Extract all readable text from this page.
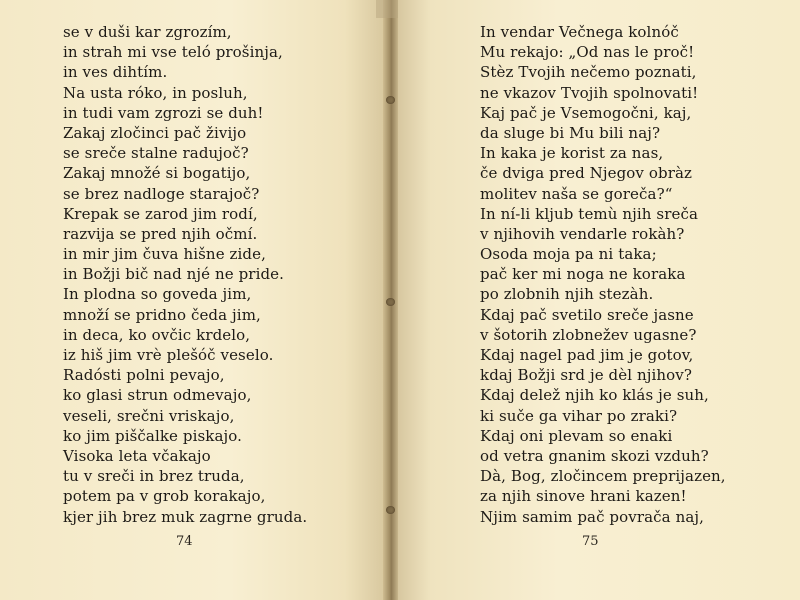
se v duši kar zgrozím,
in strah mi vse teló prošinja,
in ves dihtím.
Na usta róko, in posluh,
in tudi vam zgrozi se duh!
Zakaj zločinci pač živijo
se sreče stalne radujoč?
Zakaj množé si bogatijo,
se brez nadloge starajoč?
Krepak se zarod jim rodí,
razvija se pred njih očmí.
in mir jim čuva hišne zide,
in Božji bič nad njé ne pride.
In plodna so goveda jim,
množí se pridno čeda jim,
in deca, ko ovčic krdelo,
iz hiš jim vrè plešóč veselo.
Radósti polni pevajo,
ko glasi strun odmevajo,
veseli, srečni vriskajo,
ko jim piščalke piskajo.
Visoka leta včakajo
tu v sreči in brez truda,
potem pa v grob korakajo,
kjer jih brez muk zagrne gruda.
74
In vendar Večnega kolnóč
Mu rekajo: „Od nas le proč!
Stèz Tvojih nečemo poznati,
ne vkazov Tvojih spolnovati!
Kaj pač je Vsemogočni, kaj,
da sluge bi Mu bili naj?
In kaka je korist za nas,
če dviga pred Njegov obràz
molitev naša se goreča?“
In ní-li kljub temù njih sreča
v njihovih vendarle rokàh?
Osoda moja pa ni taka;
pač ker mi noga ne koraka
po zlobnih njih stezàh.
Kdaj pač svetilo sreče jasne
v šotorih zlobnežev ugasne?
Kdaj nagel pad jim je gotov,
kdaj Božji srd je dèl njihov?
Kdaj delež njih ko klás je suh,
ki suče ga vihar po zraki?
Kdaj oni plevam so enaki
od vetra gnanim skozi vzduh?
Dà, Bog, zločincem preprijazen,
za njih sinove hrani kazen!
Njim samim pač povrača naj,
75
